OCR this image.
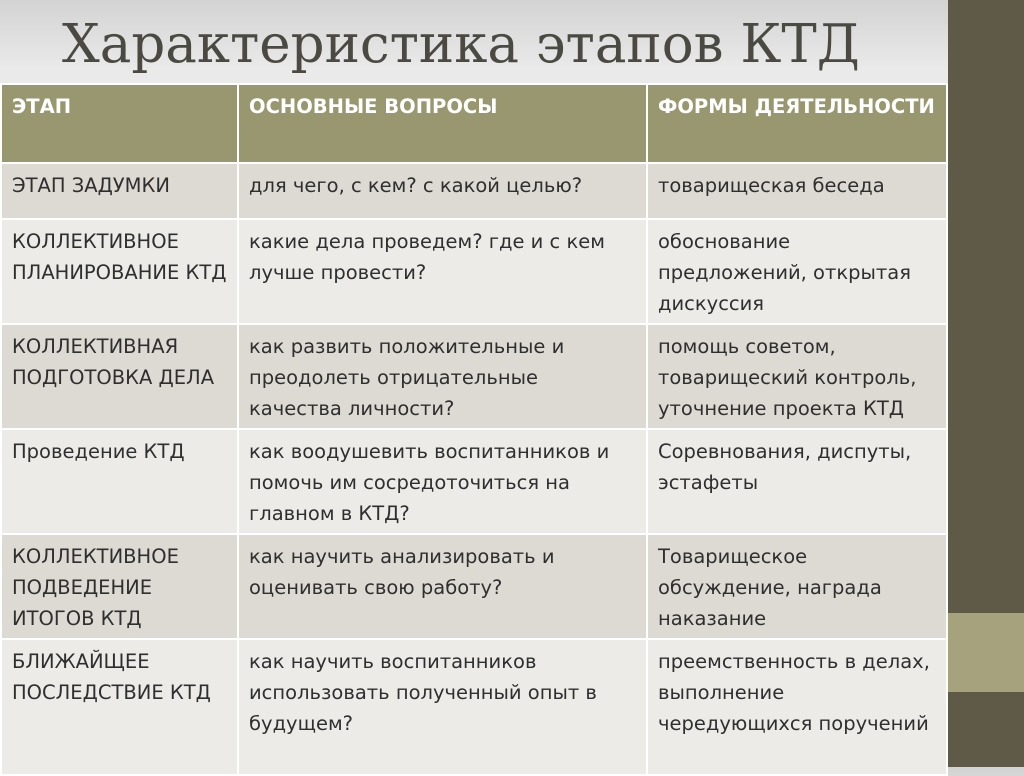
Характеристика этапов КТД
ЭТАП	ОСНОВНЫЕ ВОПРОСЫ	ФОРМЫ ДЕЯТЕЛЬНОСТИ
ЭТАП ЗАДУМКИ	для чего, с кем? с какой целью?	товарищеская беседа
КОЛЛЕКТИВНОЕ ПЛАНИРОВАНИЕ КТД	какие дела проведем? где и с кем лучше провести?	обоснование предложений, открытая дискуссия
КОЛЛЕКТИВНАЯ ПОДГОТОВКА ДЕЛА	как развить положительные и преодолеть отрицательные качества личности?	помощь советом, товарищеский контроль, уточнение проекта КТД
Проведение КТД	как воодушевить воспитанников и помочь им сосредоточиться на главном в КТД?	Соревнования, диспуты, эстафеты
КОЛЛЕКТИВНОЕ ПОДВЕДЕНИЕ ИТОГОВ КТД	как научить анализировать и оценивать свою работу?	Товарищеское обсуждение, награда наказание
БЛИЖАЙЩЕЕ ПОСЛЕДСТВИЕ КТД	как научить воспитанников использовать полученный опыт в будущем?	преемственность в делах, выполнение чередующихся поручений
